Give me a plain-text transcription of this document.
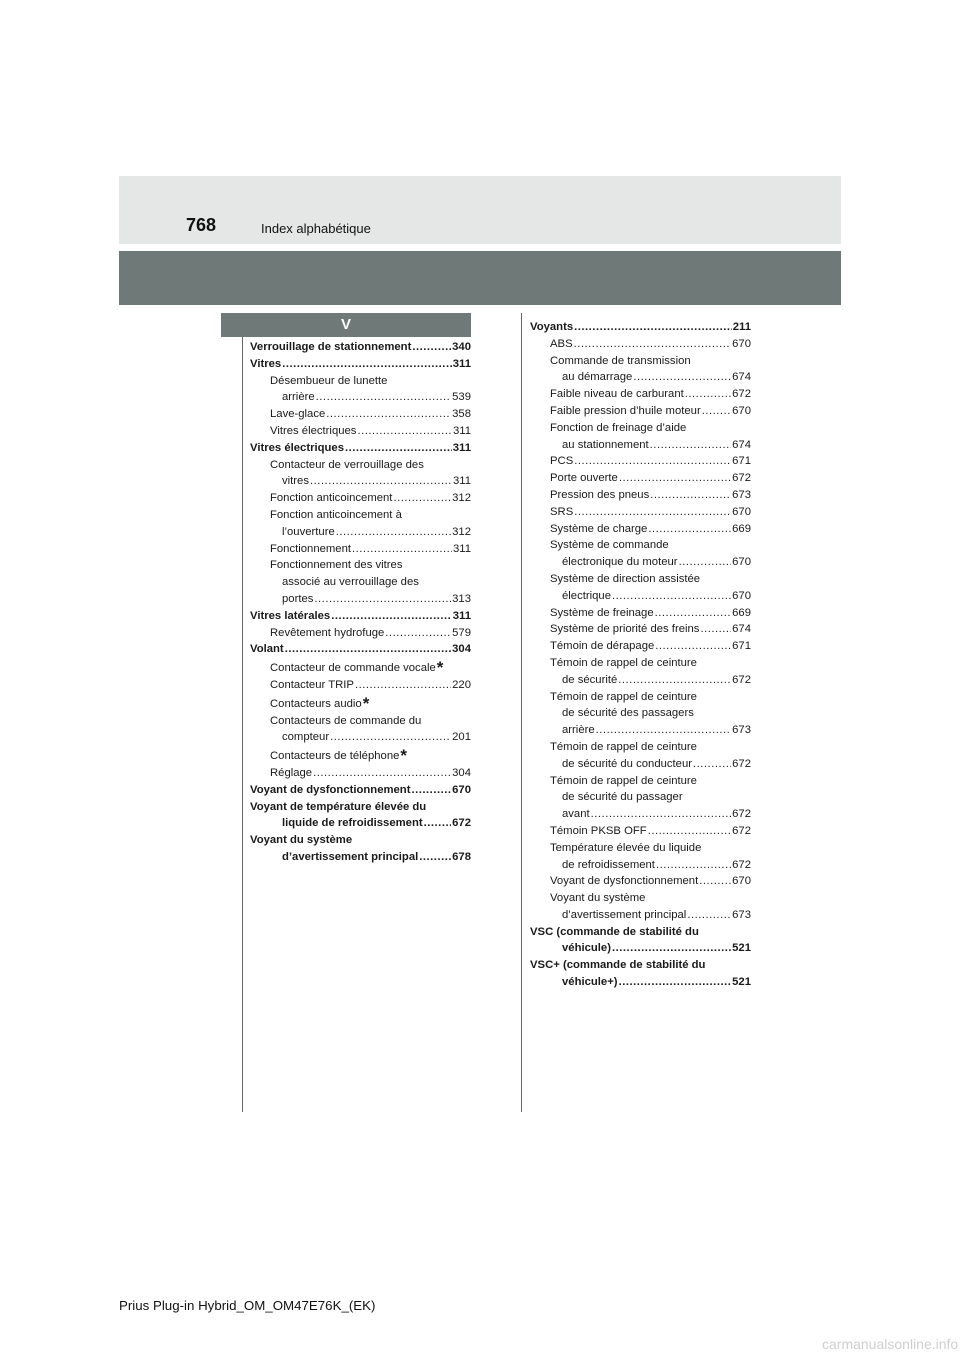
768	Index alphabétique
V
Verrouillage de stationnement .....	340
Vitres .....	311
Désembueur de lunette
arrière .....	539
Lave-glace .....	358
Vitres électriques .....	311
Vitres électriques .....	311
Contacteur de verrouillage des
vitres .....	311
Fonction anticoincement .....	312
Fonction anticoincement à
l’ouverture .....	312
Fonctionnement .....	311
Fonctionnement des vitres
associé au verrouillage des
portes .....	313
Vitres latérales .....	311
Revêtement hydrofuge .....	579
Volant .....	304
Contacteur de commande vocale*
Contacteur TRIP .....	220
Contacteurs audio*
Contacteurs de commande du
compteur .....	201
Contacteurs de téléphone*
Réglage .....	304
Voyant de dysfonctionnement .....	670
Voyant de température élevée du
liquide de refroidissement .....	672
Voyant du système
d’avertissement principal .....	678
Voyants .....	211
ABS .....	670
Commande de transmission
au démarrage .....	674
Faible niveau de carburant .....	672
Faible pression d’huile moteur .....	670
Fonction de freinage d’aide
au stationnement .....	674
PCS .....	671
Porte ouverte .....	672
Pression des pneus .....	673
SRS .....	670
Système de charge .....	669
Système de commande
électronique du moteur .....	670
Système de direction assistée
électrique .....	670
Système de freinage .....	669
Système de priorité des freins .....	674
Témoin de dérapage .....	671
Témoin de rappel de ceinture
de sécurité .....	672
Témoin de rappel de ceinture
de sécurité des passagers
arrière .....	673
Témoin de rappel de ceinture
de sécurité du conducteur .....	672
Témoin de rappel de ceinture
de sécurité du passager
avant .....	672
Témoin PKSB OFF .....	672
Température élevée du liquide
de refroidissement .....	672
Voyant de dysfonctionnement .....	670
Voyant du système
d’avertissement principal .....	673
VSC (commande de stabilité du
véhicule) .....	521
VSC+ (commande de stabilité du
véhicule+) .....	521
Prius Plug-in Hybrid_OM_OM47E76K_(EK)
carmanualsonline.info
